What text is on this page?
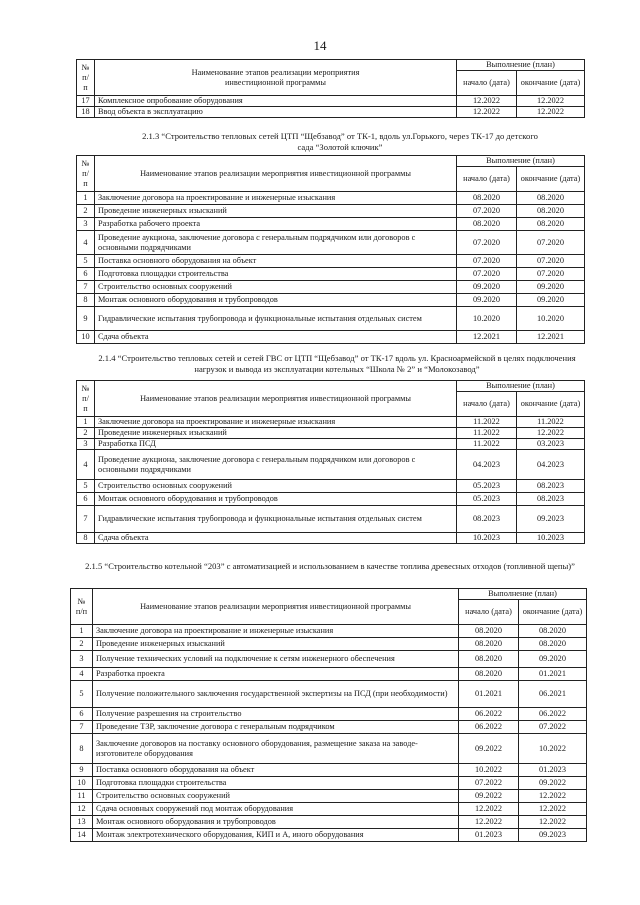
14
№ п/п	Наименование этапов реализации мероприятия инвестиционной программы	Выполнение (план)	
		начало (дата)	окончание (дата)
17	Комплексное опробование оборудования	12.2022	12.2022
18	Ввод объекта в эксплуатацию	12.2022	12.2022
2.1.3 “Строительство тепловых сетей ЦТП “Щебзавод” от ТК-1, вдоль ул.Горького, через ТК-17 до детского сада “Золотой ключик”
№ п/п	Наименование этапов реализации мероприятия инвестиционной программы	Выполнение (план)	
		начало (дата)	окончание (дата)
1	Заключение договора на проектирование и инженерные изыскания	08.2020	08.2020
2	Проведение инженерных изысканий	07.2020	08.2020
3	Разработка рабочего проекта	08.2020	08.2020
4	Проведение аукциона, заключение договора с генеральным подрядчиком или договоров с основными подрядчиками	07.2020	07.2020
5	Поставка основного оборудования на объект	07.2020	07.2020
6	Подготовка площадки строительства	07.2020	07.2020
7	Строительство основных сооружений	09.2020	09.2020
8	Монтаж основного оборудования и трубопроводов	09.2020	09.2020
9	Гидравлические испытания трубопровода и функциональные испытания отдельных систем	10.2020	10.2020
10	Сдача объекта	12.2021	12.2021
2.1.4 “Строительство тепловых сетей и сетей ГВС от ЦТП “Щебзавод” от ТК-17 вдоль ул. Красноармейской в целях подключения нагрузок и вывода из эксплуатации котельных “Школа № 2” и “Молокозавод”
№ п/п	Наименование этапов реализации мероприятия инвестиционной программы	Выполнение (план)	
		начало (дата)	окончание (дата)
1	Заключение договора на проектирование и инженерные изыскания	11.2022	11.2022
2	Проведение инженерных изысканий	11.2022	12.2022
3	Разработка ПСД	11.2022	03.2023
4	Проведение аукциона, заключение договора с генеральным подрядчиком или договоров с основными подрядчиками	04.2023	04.2023
5	Строительство основных сооружений	05.2023	08.2023
6	Монтаж основного оборудования и трубопроводов	05.2023	08.2023
7	Гидравлические испытания трубопровода и функциональные испытания отдельных систем	08.2023	09.2023
8	Сдача объекта	10.2023	10.2023
2.1.5 “Строительство котельной “203” с автоматизацией и использованием в качестве топлива древесных отходов (топливной щепы)”
№ п/п	Наименование этапов реализации мероприятия инвестиционной программы	Выполнение (план)	
		начало (дата)	окончание (дата)
1	Заключение договора на проектирование и инженерные изыскания	08.2020	08.2020
2	Проведение инженерных изысканий	08.2020	08.2020
3	Получение технических условий на подключение к сетям инженерного обеспечения	08.2020	09.2020
4	Разработка проекта	08.2020	01.2021
5	Получение положительного заключения государственной экспертизы на ПСД (при необходимости)	01.2021	06.2021
6	Получение разрешения на строительство	06.2022	06.2022
7	Проведение ТЗР, заключение договора с генеральным подрядчиком	06.2022	07.2022
8	Заключение договоров на поставку основного оборудования, размещение заказа на заводе-изготовителе оборудования	09.2022	10.2022
9	Поставка основного оборудования на объект	10.2022	01.2023
10	Подготовка площадки строительства	07.2022	09.2022
11	Строительство основных сооружений	09.2022	12.2022
12	Сдача основных сооружений под монтаж оборудования	12.2022	12.2022
13	Монтаж основного оборудования и трубопроводов	12.2022	12.2022
14	Монтаж электротехнического оборудования, КИП и А, иного оборудования	01.2023	09.2023
